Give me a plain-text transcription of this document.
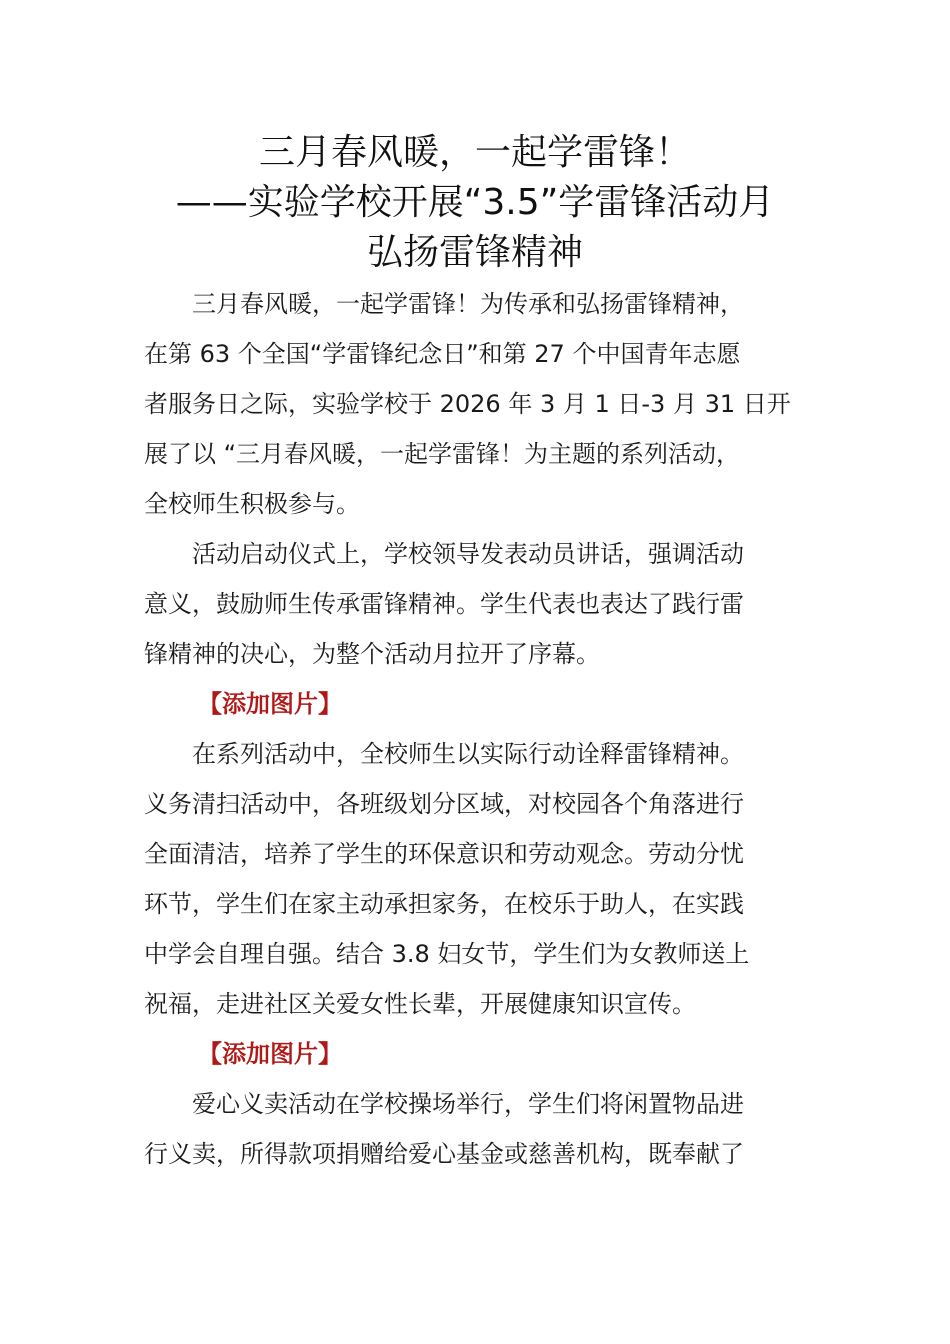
三月春风暖，一起学雷锋！
——实验学校开展“3.5”学雷锋活动月
弘扬雷锋精神
三月春风暖，一起学雷锋！为传承和弘扬雷锋精神，
在第 63 个全国“学雷锋纪念日”和第 27 个中国青年志愿
者服务日之际，实验学校于 2026 年 3 月 1 日-3 月 31 日开
展了以 “三月春风暖，一起学雷锋！为主题的系列活动，
全校师生积极参与。
活动启动仪式上，学校领导发表动员讲话，强调活动
意义，鼓励师生传承雷锋精神。学生代表也表达了践行雷
锋精神的决心，为整个活动月拉开了序幕。
【添加图片】
在系列活动中，全校师生以实际行动诠释雷锋精神。
义务清扫活动中，各班级划分区域，对校园各个角落进行
全面清洁，培养了学生的环保意识和劳动观念。劳动分忧
环节，学生们在家主动承担家务，在校乐于助人，在实践
中学会自理自强。结合 3.8 妇女节，学生们为女教师送上
祝福，走进社区关爱女性长辈，开展健康知识宣传。
【添加图片】
爱心义卖活动在学校操场举行，学生们将闲置物品进
行义卖，所得款项捐赠给爱心基金或慈善机构，既奉献了
